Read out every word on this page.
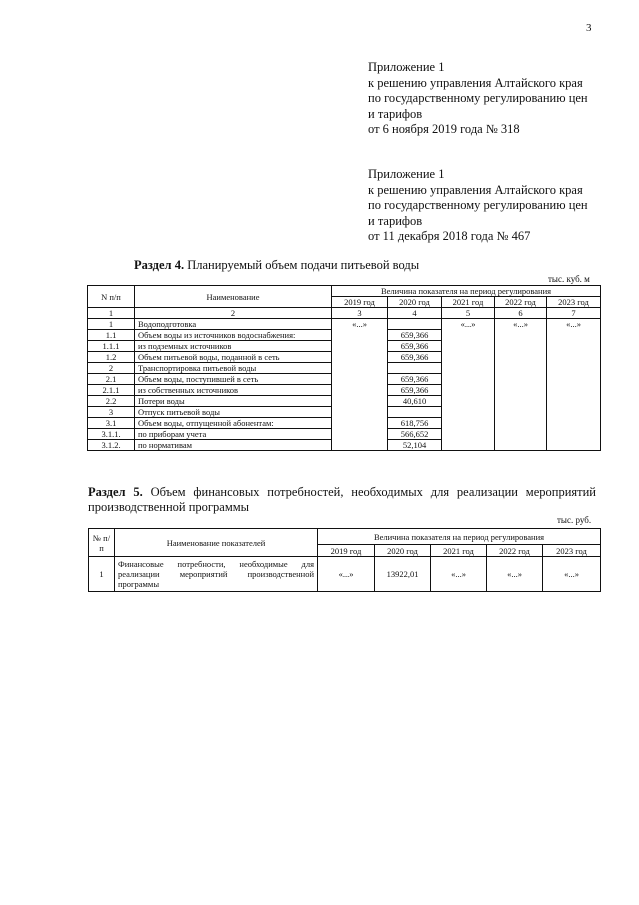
3
Приложение 1
к решению управления Алтайского края
по государственному регулированию цен
и тарифов
от 6 ноября 2019 года № 318
Приложение 1
к решению управления Алтайского края
по государственному регулированию цен
и тарифов
от 11 декабря 2018 года № 467
Раздел 4. Планируемый объем подачи питьевой воды
тыс. куб. м
N п/п	Наименование	Величина показателя на период регулирования				
		2019 год	2020 год	2021 год	2022 год	2023 год
1	2	3	4	5	6	7
1	Водоподготовка	«...»		«...»	«...»	«...»
1.1	Объем воды из источников водоснабжения:		659,366			
1.1.1	из подземных источников		659,366			
1.2	Объем питьевой воды, поданной в сеть		659,366			
2	Транспортировка питьевой воды					
2.1	Объем воды, поступившей в сеть		659,366			
2.1.1	из собственных источников		659,366			
2.2	Потери воды		40,610			
3	Отпуск питьевой воды					
3.1	Объем воды, отпущенной абонентам:		618,756			
3.1.1.	по приборам учета		566,652			
3.1.2.	по нормативам		52,104			
Раздел 5. Объем финансовых потребностей, необходимых для реализации мероприятий производственной программы
тыс. руб.
№ п/п	Наименование показателей	Величина показателя на период регулирования				
		2019 год	2020 год	2021 год	2022 год	2023 год
1	Финансовые потребности, необходимые для реализации мероприятий производственной программы	«...»	13922,01	«...»	«...»	«...»
